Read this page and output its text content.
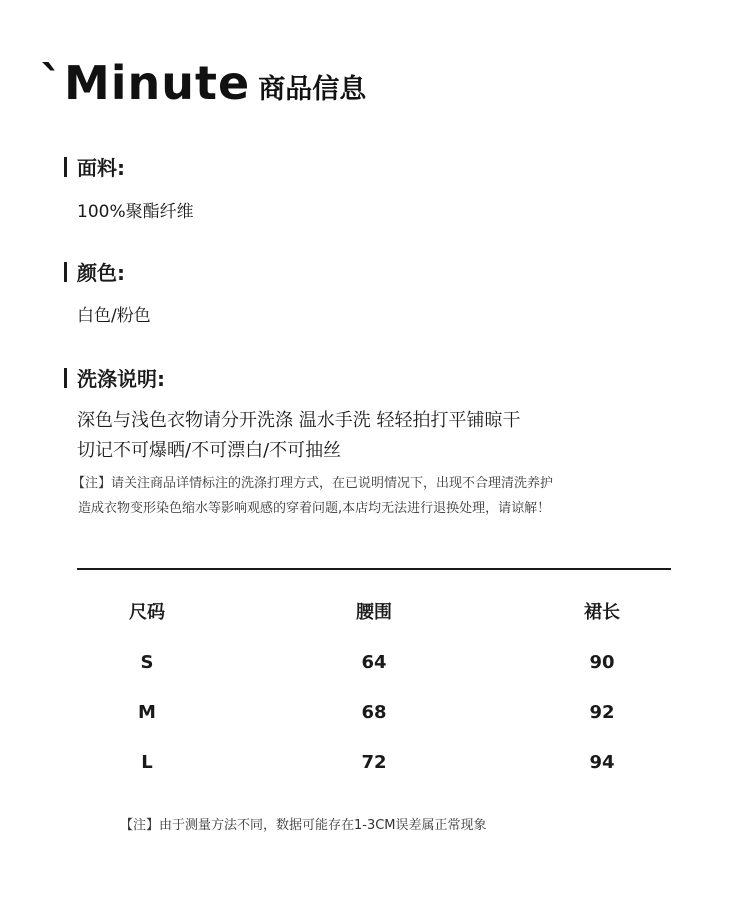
`Minute 商品信息
面料:
100%聚酯纤维
颜色:
白色/粉色
洗涤说明:
深色与浅色衣物请分开洗涤 温水手洗 轻轻拍打平铺晾干
切记不可爆晒/不可漂白/不可抽丝
【注】请关注商品详情标注的洗涤打理方式，在已说明情况下，出现不合理清洗养护
造成衣物变形染色缩水等影响观感的穿着问题,本店均无法进行退换处理，请谅解！
尺码	腰围	裙长
S	64	90
M	68	92
L	72	94
【注】由于测量方法不同，数据可能存在1-3CM误差属正常现象
